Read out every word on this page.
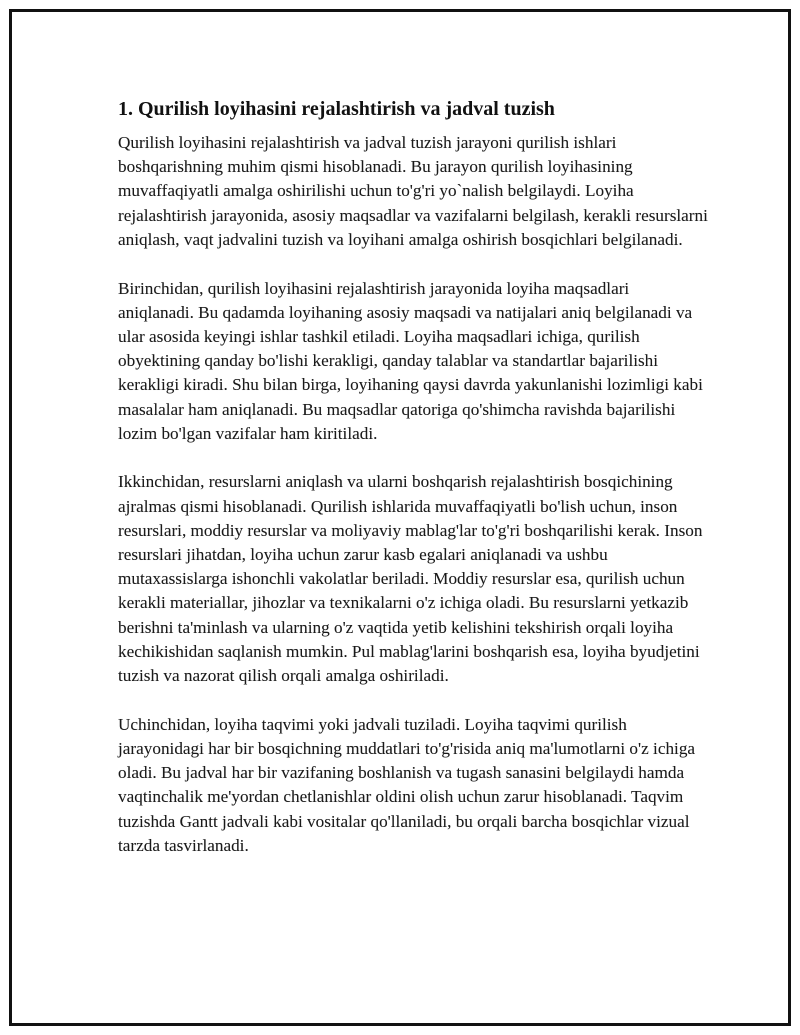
1. Qurilish loyihasini rejalashtirish va jadval tuzish

Qurilish loyihasini rejalashtirish va jadval tuzish jarayoni qurilish ishlari boshqarishning muhim qismi hisoblanadi. Bu jarayon qurilish loyihasining muvaffaqiyatli amalga oshirilishi uchun to'g'ri yo`nalish belgilaydi. Loyiha rejalashtirish jarayonida, asosiy maqsadlar va vazifalarni belgilash, kerakli resurslarni aniqlash, vaqt jadvalini tuzish va loyihani amalga oshirish bosqichlari belgilanadi.

Birinchidan, qurilish loyihasini rejalashtirish jarayonida loyiha maqsadlari aniqlanadi. Bu qadamda loyihaning asosiy maqsadi va natijalari aniq belgilanadi va ular asosida keyingi ishlar tashkil etiladi. Loyiha maqsadlari ichiga, qurilish obyektining qanday bo'lishi kerakligi, qanday talablar va standartlar bajarilishi kerakligi kiradi. Shu bilan birga, loyihaning qaysi davrda yakunlanishi lozimligi kabi masalalar ham aniqlanadi. Bu maqsadlar qatoriga qo'shimcha ravishda bajarilishi lozim bo'lgan vazifalar ham kiritiladi.

Ikkinchidan, resurslarni aniqlash va ularni boshqarish rejalashtirish bosqichining ajralmas qismi hisoblanadi. Qurilish ishlarida muvaffaqiyatli bo'lish uchun, inson resurslari, moddiy resurslar va moliyaviy mablag'lar to'g'ri boshqarilishi kerak. Inson resurslari jihatdan, loyiha uchun zarur kasb egalari aniqlanadi va ushbu mutaxassislarga ishonchli vakolatlar beriladi. Moddiy resurslar esa, qurilish uchun kerakli materiallar, jihozlar va texnikalarni o'z ichiga oladi. Bu resurslarni yetkazib berishni ta'minlash va ularning o'z vaqtida yetib kelishini tekshirish orqali loyiha kechikishidan saqlanish mumkin. Pul mablag'larini boshqarish esa, loyiha byudjetini tuzish va nazorat qilish orqali amalga oshiriladi.

Uchinchidan, loyiha taqvimi yoki jadvali tuziladi. Loyiha taqvimi qurilish jarayonidagi har bir bosqichning muddatlari to'g'risida aniq ma'lumotlarni o'z ichiga oladi. Bu jadval har bir vazifaning boshlanish va tugash sanasini belgilaydi hamda vaqtinchalik me'yordan chetlanishlar oldini olish uchun zarur hisoblanadi. Taqvim tuzishda Gantt jadvali kabi vositalar qo'llaniladi, bu orqali barcha bosqichlar vizual tarzda tasvirlanadi.
